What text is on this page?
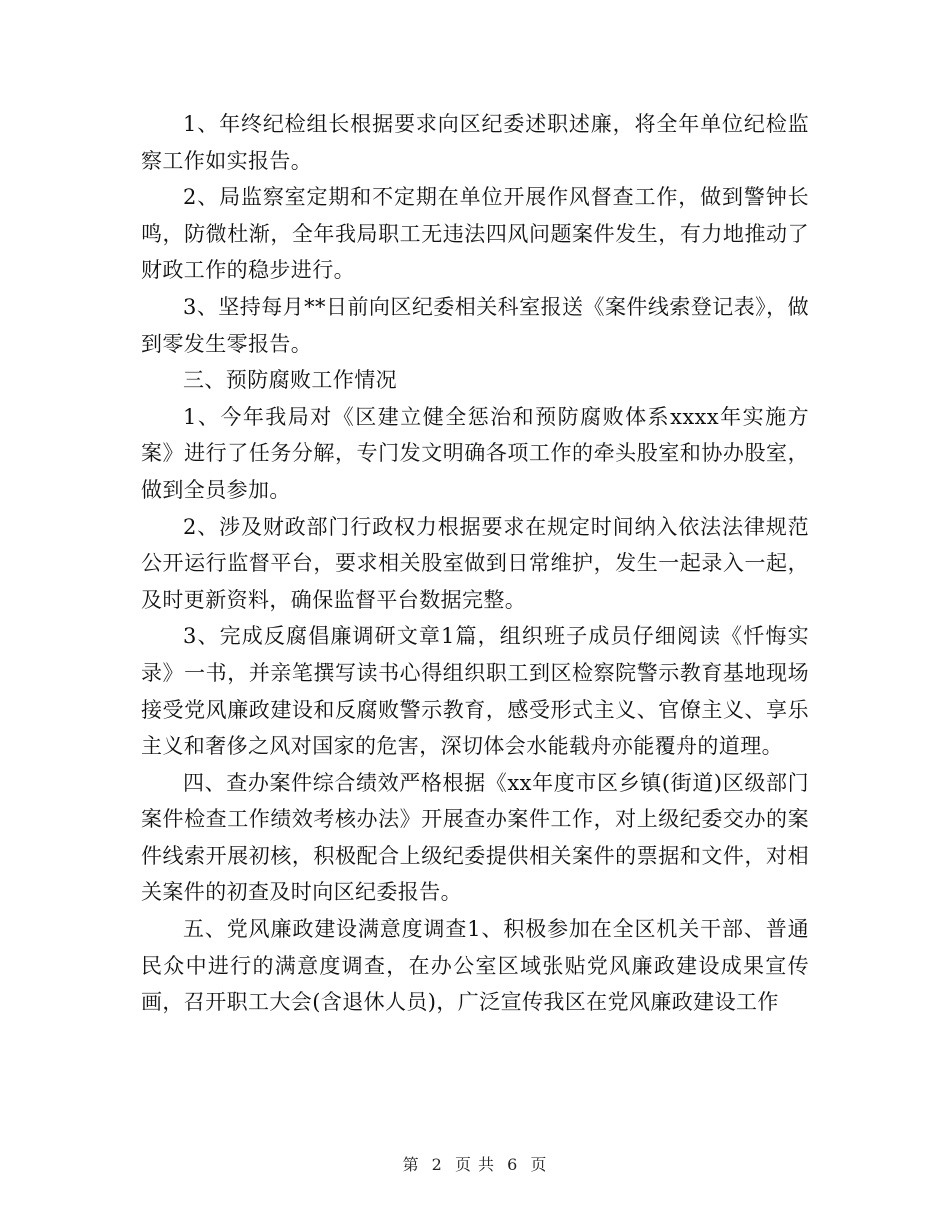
1、年终纪检组长根据要求向区纪委述职述廉，将全年单位纪检监察工作如实报告。

2、局监察室定期和不定期在单位开展作风督查工作，做到警钟长鸣，防微杜渐，全年我局职工无违法四风问题案件发生，有力地推动了财政工作的稳步进行。

3、坚持每月**日前向区纪委相关科室报送《案件线索登记表》，做到零发生零报告。

三、预防腐败工作情况

1、今年我局对《区建立健全惩治和预防腐败体系xxxx年实施方案》进行了任务分解，专门发文明确各项工作的牵头股室和协办股室，做到全员参加。

2、涉及财政部门行政权力根据要求在规定时间纳入依法法律规范公开运行监督平台，要求相关股室做到日常维护，发生一起录入一起，及时更新资料，确保监督平台数据完整。

3、完成反腐倡廉调研文章1篇，组织班子成员仔细阅读《忏悔实录》一书，并亲笔撰写读书心得组织职工到区检察院警示教育基地现场接受党风廉政建设和反腐败警示教育，感受形式主义、官僚主义、享乐主义和奢侈之风对国家的危害，深切体会水能载舟亦能覆舟的道理。

四、查办案件综合绩效严格根据《xx年度市区乡镇(街道)区级部门案件检查工作绩效考核办法》开展查办案件工作，对上级纪委交办的案件线索开展初核，积极配合上级纪委提供相关案件的票据和文件，对相关案件的初查及时向区纪委报告。

五、党风廉政建设满意度调查1、积极参加在全区机关干部、普通民众中进行的满意度调查，在办公室区域张贴党风廉政建设成果宣传画，召开职工大会(含退休人员)，广泛宣传我区在党风廉政建设工作

第 2 页 共 6 页
